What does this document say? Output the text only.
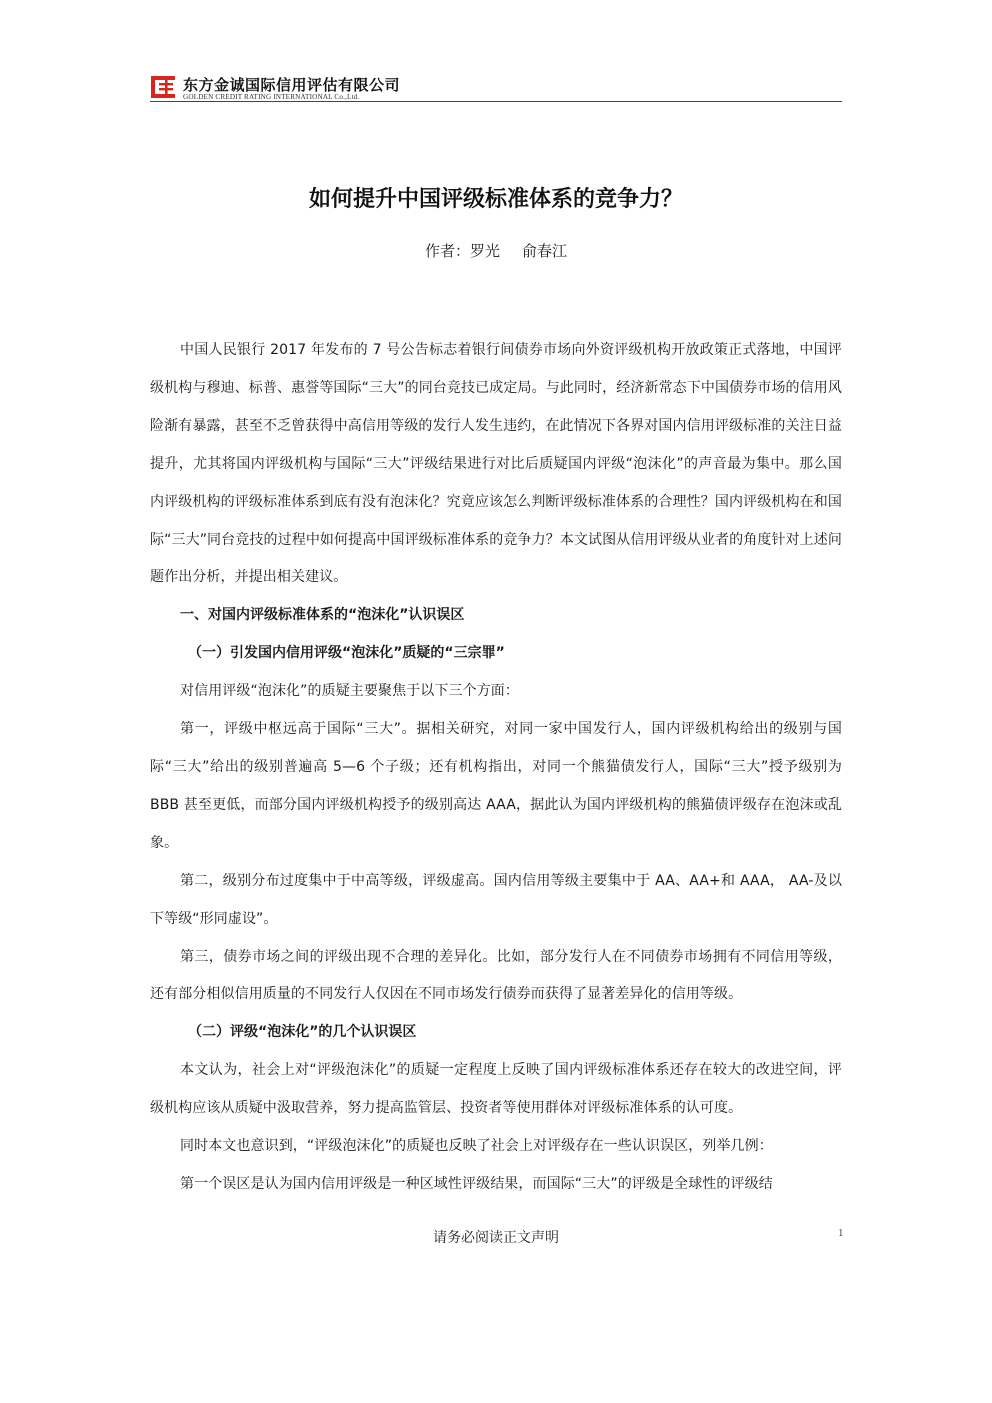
东方金诚国际信用评估有限公司
GOLDEN CREDIT RATING INTERNATIONAL Co.,Ltd.
如何提升中国评级标准体系的竞争力？
作者：罗光 俞春江

中国人民银行 2017 年发布的 7 号公告标志着银行间债券市场向外资评级机构开放政策正式落地，中国评级机构与穆迪、标普、惠誉等国际“三大”的同台竞技已成定局。与此同时，经济新常态下中国债券市场的信用风险渐有暴露，甚至不乏曾获得中高信用等级的发行人发生违约，在此情况下各界对国内信用评级标准的关注日益提升，尤其将国内评级机构与国际“三大”评级结果进行对比后质疑国内评级“泡沫化”的声音最为集中。那么国内评级机构的评级标准体系到底有没有泡沫化？究竟应该怎么判断评级标准体系的合理性？国内评级机构在和国际“三大”同台竞技的过程中如何提高中国评级标准体系的竞争力？本文试图从信用评级从业者的角度针对上述问题作出分析，并提出相关建议。

一、对国内评级标准体系的“泡沫化”认识误区

（一）引发国内信用评级“泡沫化”质疑的“三宗罪”

对信用评级“泡沫化”的质疑主要聚焦于以下三个方面：

第一，评级中枢远高于国际“三大”。据相关研究，对同一家中国发行人，国内评级机构给出的级别与国际“三大”给出的级别普遍高 5—6 个子级；还有机构指出，对同一个熊猫债发行人，国际“三大”授予级别为 BBB 甚至更低，而部分国内评级机构授予的级别高达 AAA，据此认为国内评级机构的熊猫债评级存在泡沫或乱象。

第二，级别分布过度集中于中高等级，评级虚高。国内信用等级主要集中于 AA、AA+和 AAA， AA-及以下等级“形同虚设”。

第三，债券市场之间的评级出现不合理的差异化。比如，部分发行人在不同债券市场拥有不同信用等级，还有部分相似信用质量的不同发行人仅因在不同市场发行债券而获得了显著差异化的信用等级。

（二）评级“泡沫化”的几个认识误区

本文认为，社会上对“评级泡沫化”的质疑一定程度上反映了国内评级标准体系还存在较大的改进空间，评级机构应该从质疑中汲取营养，努力提高监管层、投资者等使用群体对评级标准体系的认可度。

同时本文也意识到，“评级泡沫化”的质疑也反映了社会上对评级存在一些认识误区，列举几例：

第一个误区是认为国内信用评级是一种区域性评级结果，而国际“三大”的评级是全球性的评级结

请务必阅读正文声明	1
